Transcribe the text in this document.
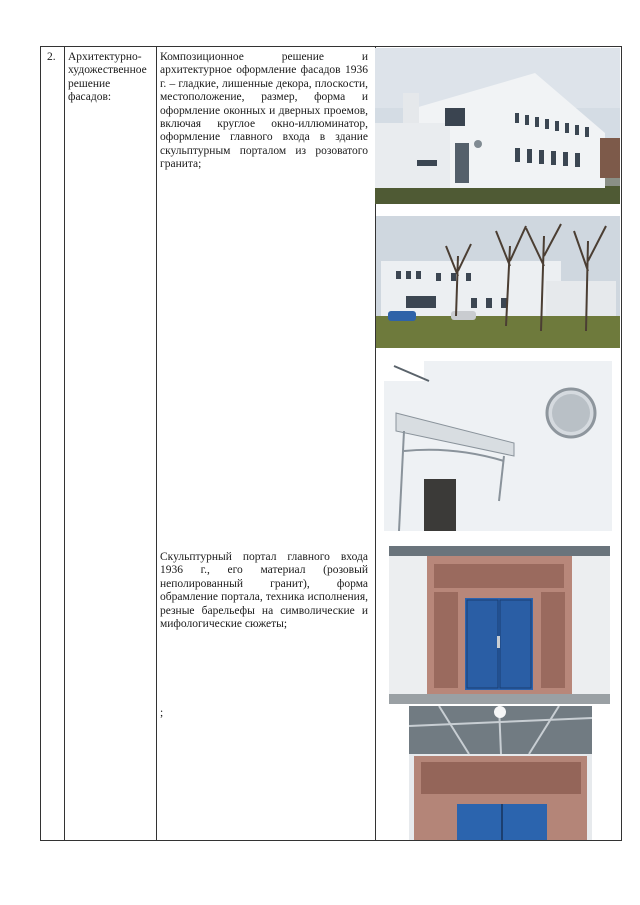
2. Архитектурно-
художественное
решение фасадов:
Композиционное решение и архитектурное оформление фасадов 1936 г. – гладкие, лишенные декора, плоскости, местоположение, размер, форма и оформление оконных и дверных проемов, включая круглое окно-иллюминатор, оформление главного входа в здание скульптурным порталом из розоватого гранита;
Скульптурный портал главного входа 1936 г., его материал (розовый неполированный гранит), форма обрамление портала, техника исполнения, резные барельефы на символические и мифологические сюжеты;
;
